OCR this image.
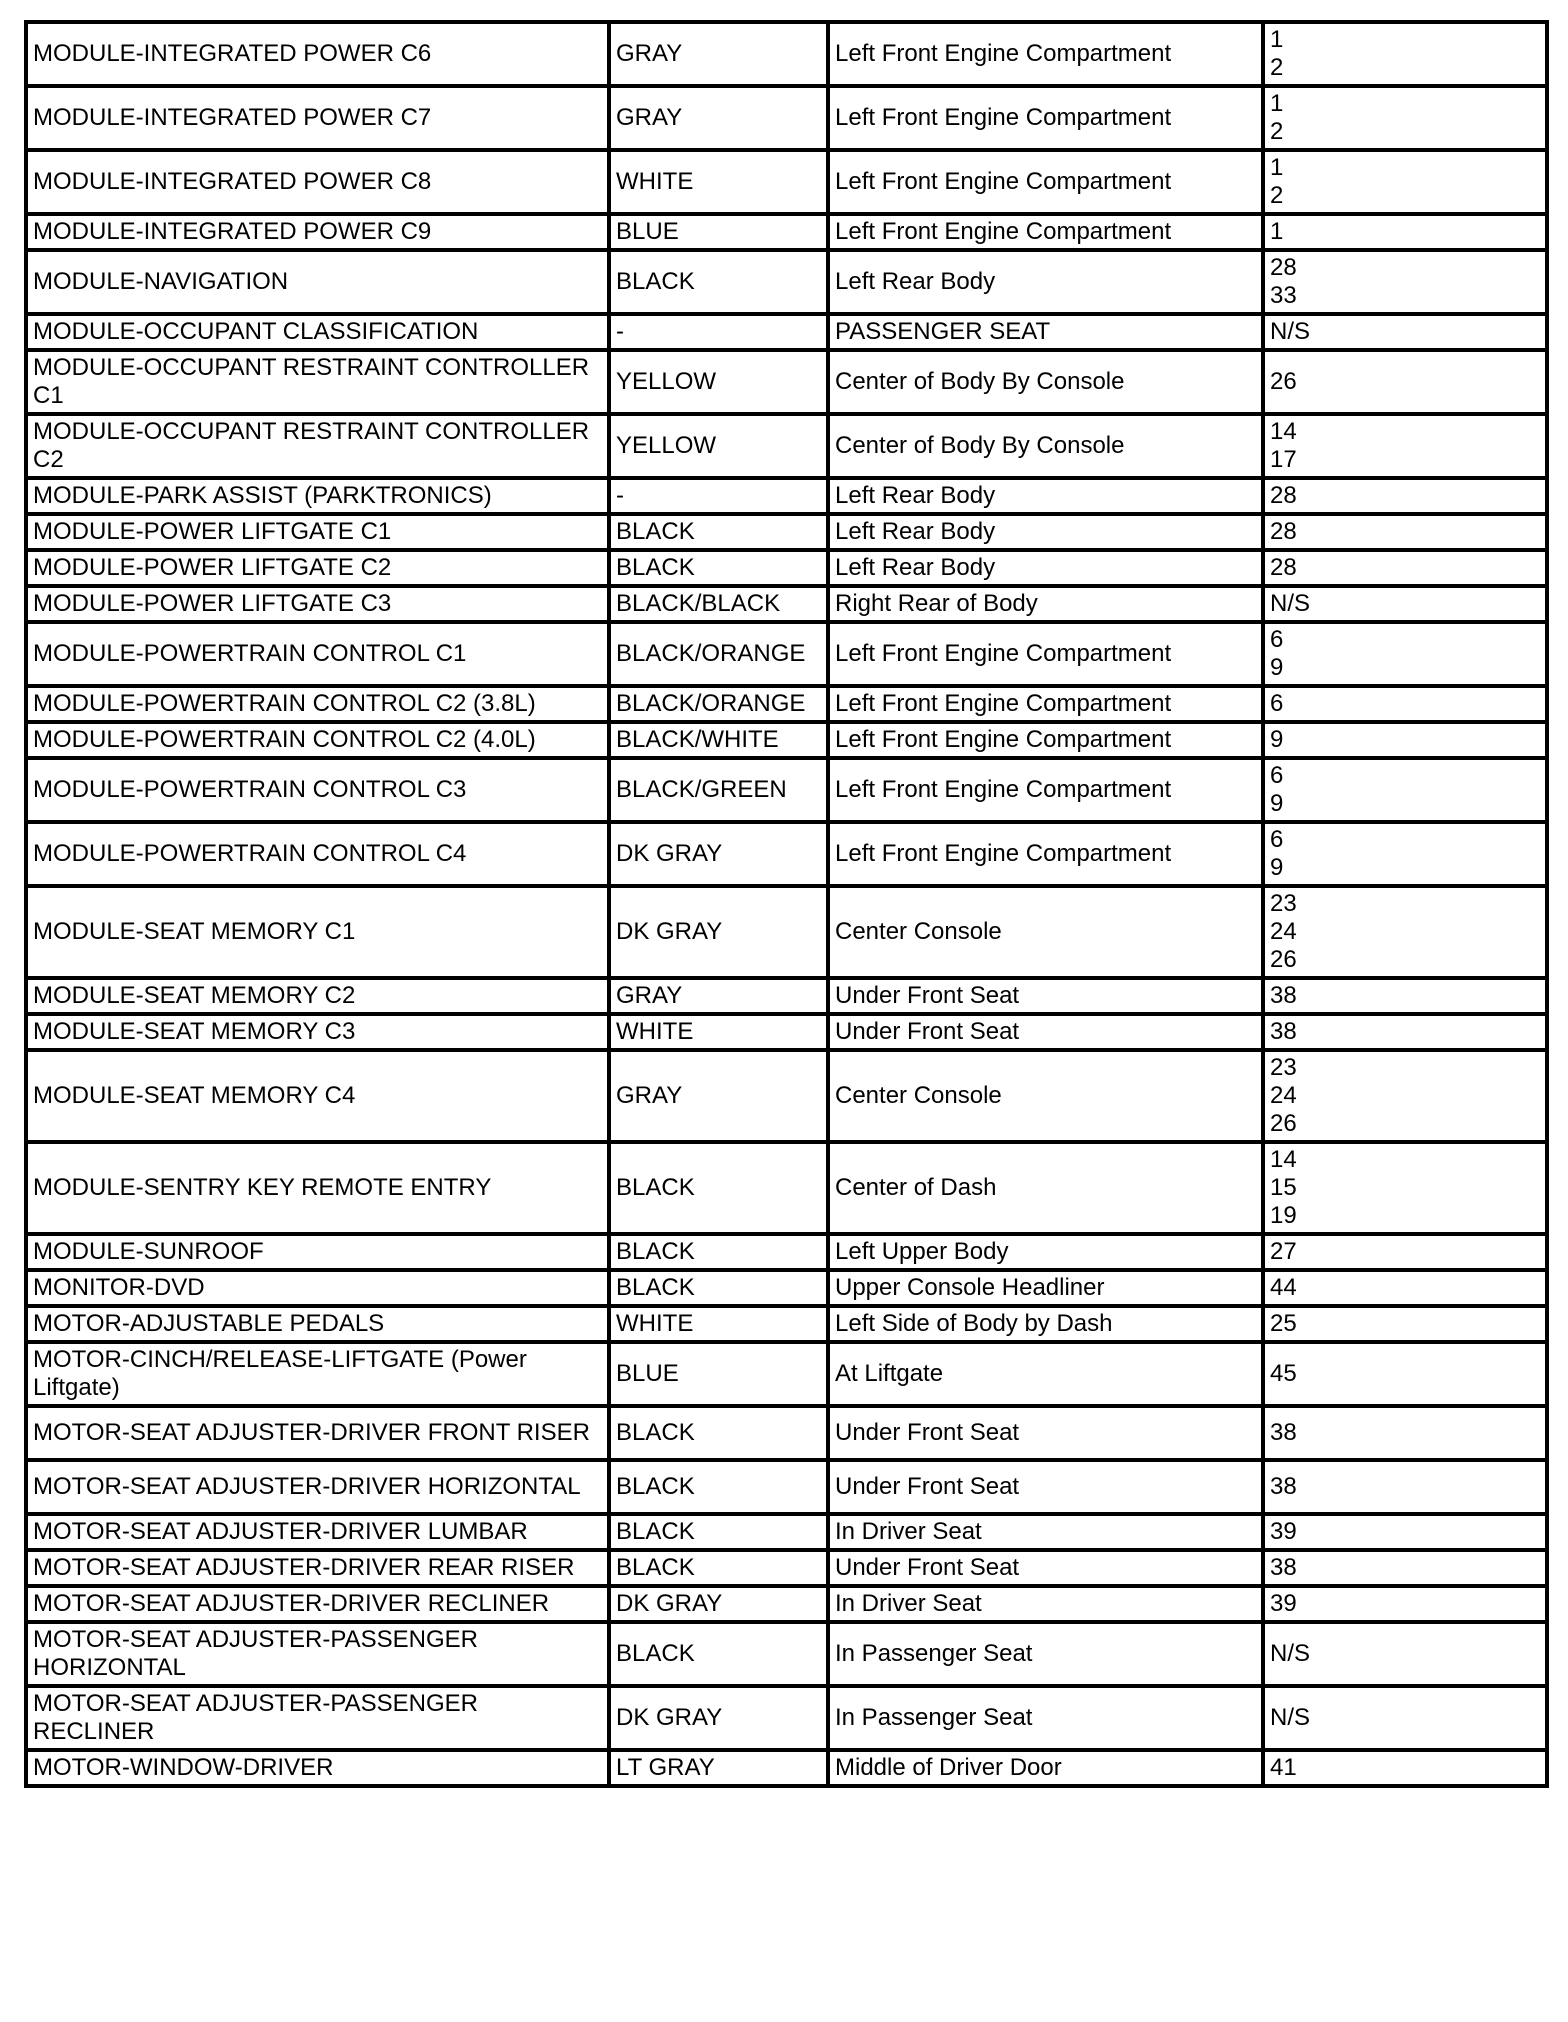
MODULE-INTEGRATED POWER C6	GRAY	Left Front Engine Compartment	1
2

MODULE-INTEGRATED POWER C7	GRAY	Left Front Engine Compartment	1
2

MODULE-INTEGRATED POWER C8	WHITE	Left Front Engine Compartment	1
2

MODULE-INTEGRATED POWER C9	BLUE	Left Front Engine Compartment	1

MODULE-NAVIGATION	BLACK	Left Rear Body	28
33

MODULE-OCCUPANT CLASSIFICATION	-	PASSENGER SEAT	N/S

MODULE-OCCUPANT RESTRAINT CONTROLLER C1	YELLOW	Center of Body By Console	26

MODULE-OCCUPANT RESTRAINT CONTROLLER C2	YELLOW	Center of Body By Console	14
17

MODULE-PARK ASSIST (PARKTRONICS)	-	Left Rear Body	28

MODULE-POWER LIFTGATE C1	BLACK	Left Rear Body	28

MODULE-POWER LIFTGATE C2	BLACK	Left Rear Body	28

MODULE-POWER LIFTGATE C3	BLACK/BLACK	Right Rear of Body	N/S

MODULE-POWERTRAIN CONTROL C1	BLACK/ORANGE	Left Front Engine Compartment	6
9

MODULE-POWERTRAIN CONTROL C2 (3.8L)	BLACK/ORANGE	Left Front Engine Compartment	6

MODULE-POWERTRAIN CONTROL C2 (4.0L)	BLACK/WHITE	Left Front Engine Compartment	9

MODULE-POWERTRAIN CONTROL C3	BLACK/GREEN	Left Front Engine Compartment	6
9

MODULE-POWERTRAIN CONTROL C4	DK GRAY	Left Front Engine Compartment	6
9

MODULE-SEAT MEMORY C1	DK GRAY	Center Console	23
24
26

MODULE-SEAT MEMORY C2	GRAY	Under Front Seat	38

MODULE-SEAT MEMORY C3	WHITE	Under Front Seat	38

MODULE-SEAT MEMORY C4	GRAY	Center Console	23
24
26

MODULE-SENTRY KEY REMOTE ENTRY	BLACK	Center of Dash	14
15
19

MODULE-SUNROOF	BLACK	Left Upper Body	27

MONITOR-DVD	BLACK	Upper Console Headliner	44

MOTOR-ADJUSTABLE PEDALS	WHITE	Left Side of Body by Dash	25

MOTOR-CINCH/RELEASE-LIFTGATE (Power Liftgate)	BLUE	At Liftgate	45

MOTOR-SEAT ADJUSTER-DRIVER FRONT RISER	BLACK	Under Front Seat	38

MOTOR-SEAT ADJUSTER-DRIVER HORIZONTAL	BLACK	Under Front Seat	38

MOTOR-SEAT ADJUSTER-DRIVER LUMBAR	BLACK	In Driver Seat	39

MOTOR-SEAT ADJUSTER-DRIVER REAR RISER	BLACK	Under Front Seat	38

MOTOR-SEAT ADJUSTER-DRIVER RECLINER	DK GRAY	In Driver Seat	39

MOTOR-SEAT ADJUSTER-PASSENGER HORIZONTAL	BLACK	In Passenger Seat	N/S

MOTOR-SEAT ADJUSTER-PASSENGER RECLINER	DK GRAY	In Passenger Seat	N/S

MOTOR-WINDOW-DRIVER	LT GRAY	Middle of Driver Door	41
